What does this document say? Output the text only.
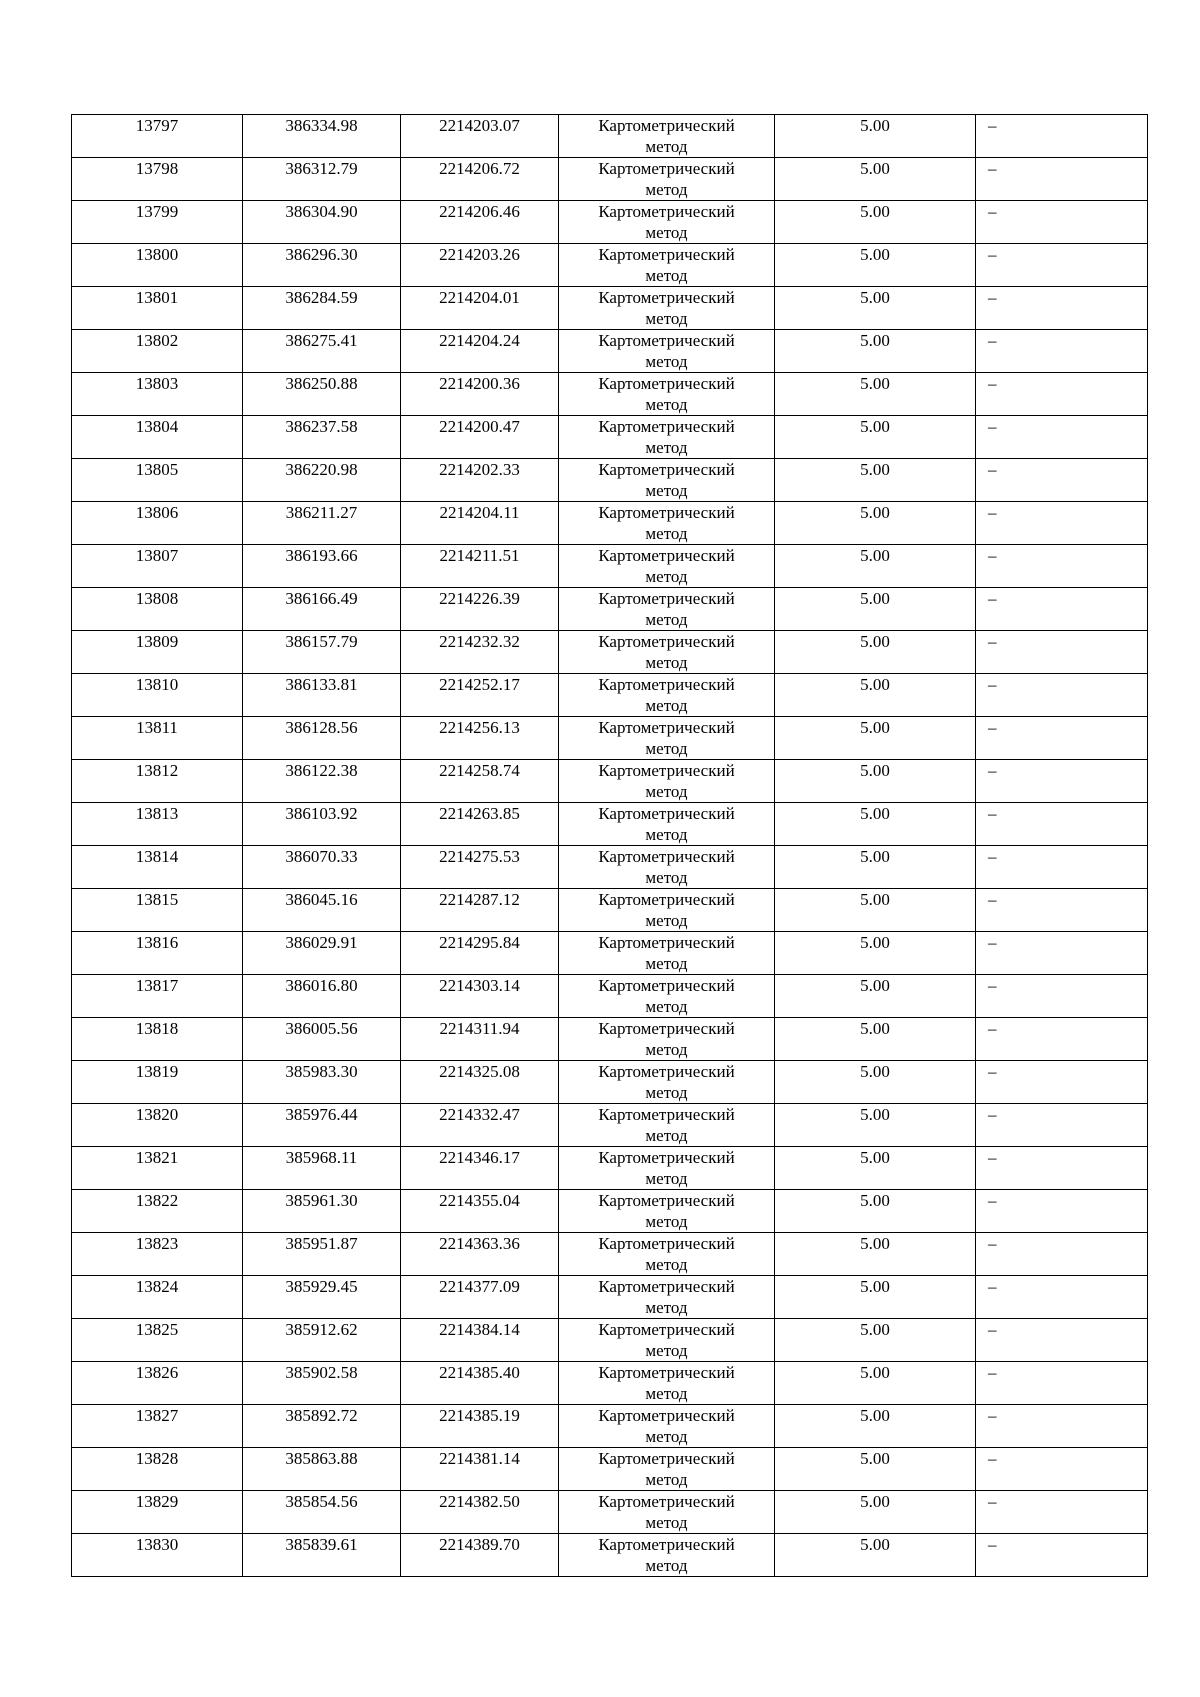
13797	386334.98	2214203.07	Картометрический
метод	5.00	–
13798	386312.79	2214206.72	Картометрический
метод	5.00	–
13799	386304.90	2214206.46	Картометрический
метод	5.00	–
13800	386296.30	2214203.26	Картометрический
метод	5.00	–
13801	386284.59	2214204.01	Картометрический
метод	5.00	–
13802	386275.41	2214204.24	Картометрический
метод	5.00	–
13803	386250.88	2214200.36	Картометрический
метод	5.00	–
13804	386237.58	2214200.47	Картометрический
метод	5.00	–
13805	386220.98	2214202.33	Картометрический
метод	5.00	–
13806	386211.27	2214204.11	Картометрический
метод	5.00	–
13807	386193.66	2214211.51	Картометрический
метод	5.00	–
13808	386166.49	2214226.39	Картометрический
метод	5.00	–
13809	386157.79	2214232.32	Картометрический
метод	5.00	–
13810	386133.81	2214252.17	Картометрический
метод	5.00	–
13811	386128.56	2214256.13	Картометрический
метод	5.00	–
13812	386122.38	2214258.74	Картометрический
метод	5.00	–
13813	386103.92	2214263.85	Картометрический
метод	5.00	–
13814	386070.33	2214275.53	Картометрический
метод	5.00	–
13815	386045.16	2214287.12	Картометрический
метод	5.00	–
13816	386029.91	2214295.84	Картометрический
метод	5.00	–
13817	386016.80	2214303.14	Картометрический
метод	5.00	–
13818	386005.56	2214311.94	Картометрический
метод	5.00	–
13819	385983.30	2214325.08	Картометрический
метод	5.00	–
13820	385976.44	2214332.47	Картометрический
метод	5.00	–
13821	385968.11	2214346.17	Картометрический
метод	5.00	–
13822	385961.30	2214355.04	Картометрический
метод	5.00	–
13823	385951.87	2214363.36	Картометрический
метод	5.00	–
13824	385929.45	2214377.09	Картометрический
метод	5.00	–
13825	385912.62	2214384.14	Картометрический
метод	5.00	–
13826	385902.58	2214385.40	Картометрический
метод	5.00	–
13827	385892.72	2214385.19	Картометрический
метод	5.00	–
13828	385863.88	2214381.14	Картометрический
метод	5.00	–
13829	385854.56	2214382.50	Картометрический
метод	5.00	–
13830	385839.61	2214389.70	Картометрический
метод	5.00	–
